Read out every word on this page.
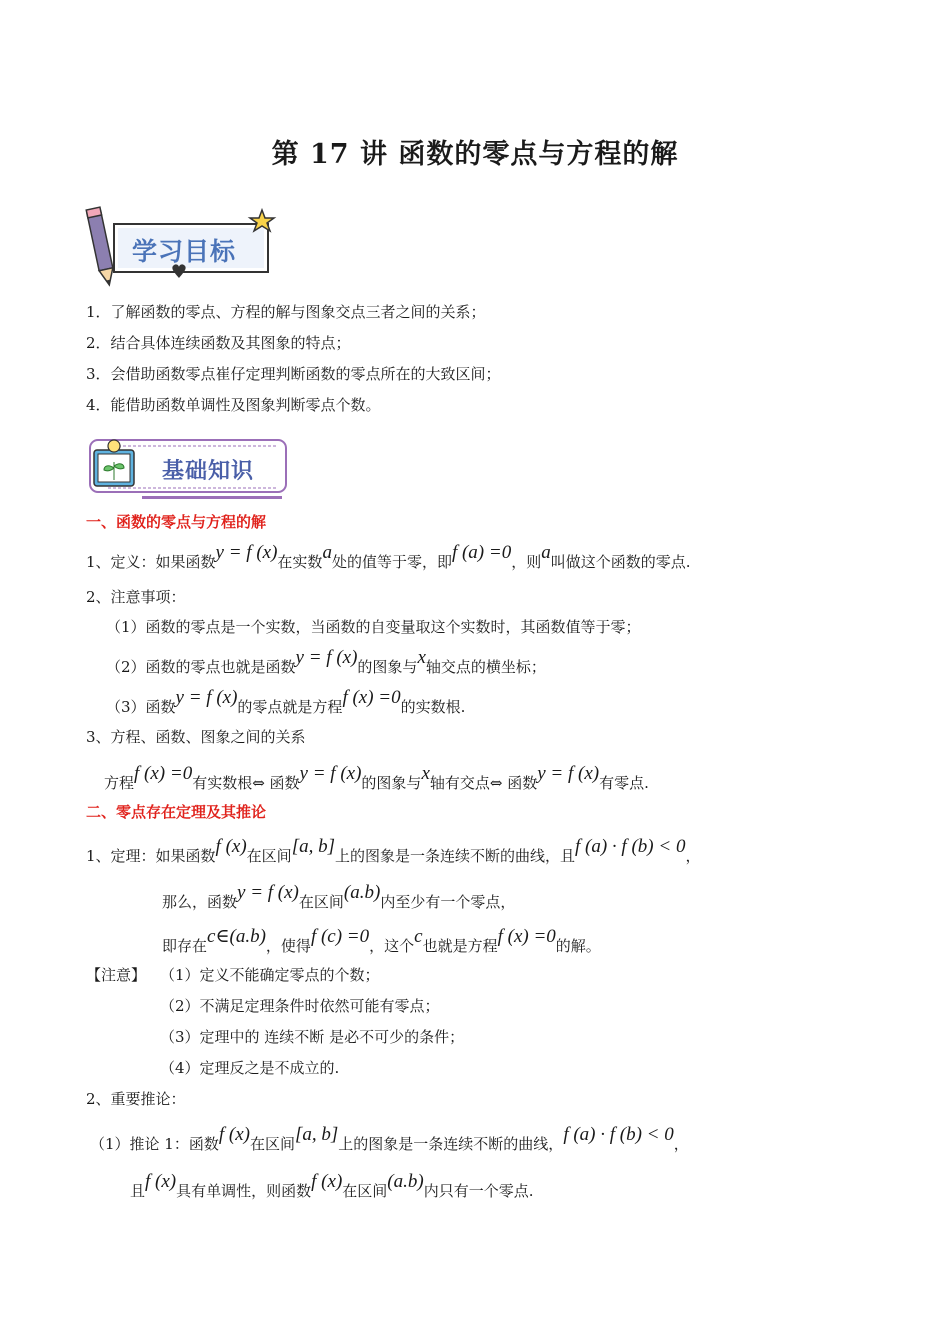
第 17 讲 函数的零点与方程的解
学习目标
1．了解函数的零点、方程的解与图象交点三者之间的关系；
2．结合具体连续函数及其图象的特点；
3．会借助函数零点崔仔定理判断函数的零点所在的大致区间；
4．能借助函数单调性及图象判断零点个数。
基础知识
一、函数的零点与方程的解
1、定义：如果函数y = f (x)在实数a处的值等于零，即f (a) =0，则a叫做这个函数的零点.
2、注意事项：
（1）函数的零点是一个实数，当函数的自变量取这个实数时，其函数值等于零；
（2）函数的零点也就是函数y = f (x)的图象与x轴交点的横坐标；
（3）函数y = f (x)的零点就是方程f (x) =0的实数根.
3、方程、函数、图象之间的关系
方程f (x) =0有实数根⇔ 函数y = f (x)的图象与x轴有交点⇔ 函数y = f (x)有零点.
二、零点存在定理及其推论
1、定理：如果函数f (x)在区间[a, b]上的图象是一条连续不断的曲线，且f (a) · f (b) < 0，
那么，函数y = f (x)在区间(a.b)内至少有一个零点，
即存在c∈(a.b)，使得f (c) =0，这个c也就是方程f (x) =0的解。
【注意】 （1）定义不能确定零点的个数；
（2）不满足定理条件时依然可能有零点；
（3）定理中的 连续不断 是必不可少的条件；
（4）定理反之是不成立的.
2、重要推论：
（1）推论 1：函数f (x)在区间[a, b]上的图象是一条连续不断的曲线，f (a) · f (b) < 0，
且f (x)具有单调性，则函数f (x)在区间(a.b)内只有一个零点.
